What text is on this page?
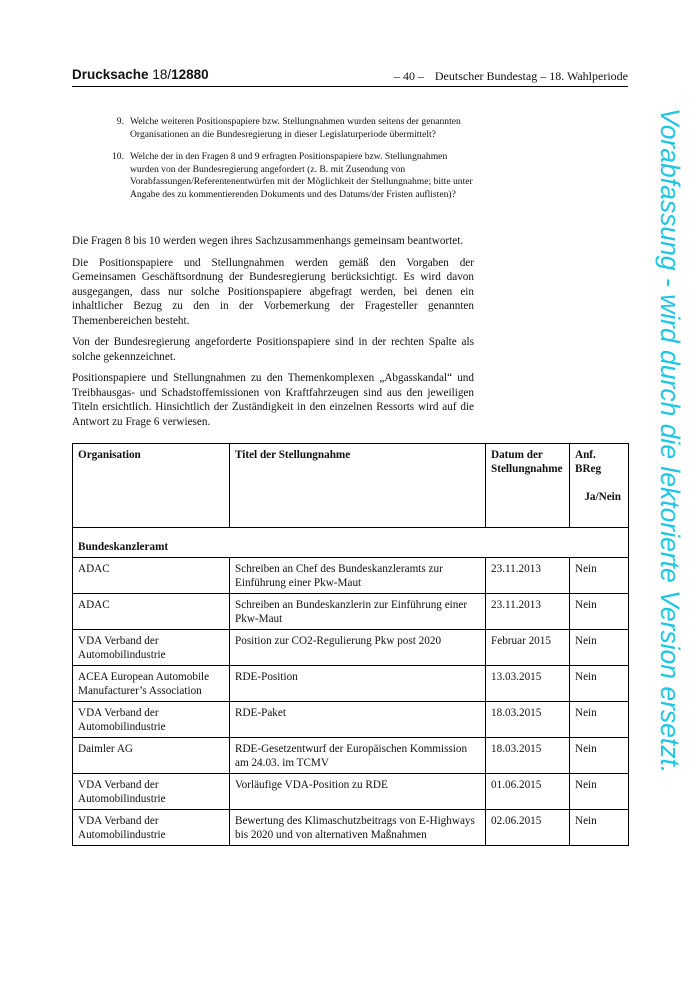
Drucksache 18/12880	– 40 – Deutscher Bundestag – 18. Wahlperiode
9. Welche weiteren Positionspapiere bzw. Stellungnahmen wurden seitens der genannten Organisationen an die Bundesregierung in dieser Legislaturperiode übermittelt?
10. Welche der in den Fragen 8 und 9 erfragten Positionspapiere bzw. Stellungnahmen wurden von der Bundesregierung angefordert (z. B. mit Zusendung von Vorabfassungen/Referentenentwürfen mit der Möglichkeit der Stellungnahme; bitte unter Angabe des zu kommentierenden Dokuments und des Datums/der Fristen auflisten)?

Die Fragen 8 bis 10 werden wegen ihres Sachzusammenhangs gemeinsam beantwortet.

Die Positionspapiere und Stellungnahmen werden gemäß den Vorgaben der Gemeinsamen Geschäftsordnung der Bundesregierung berücksichtigt. Es wird davon ausgegangen, dass nur solche Positionspapiere abgefragt werden, bei denen ein inhaltlicher Bezug zu den in der Vorbemerkung der Fragesteller genannten Themenbereichen besteht.

Von der Bundesregierung angeforderte Positionspapiere sind in der rechten Spalte als solche gekennzeichnet.

Positionspapiere und Stellungnahmen zu den Themenkomplexen „Abgasskandal“ und Treibhausgas- und Schadstoffemissionen von Kraftfahrzeugen sind aus den jeweiligen Titeln ersichtlich. Hinsichtlich der Zuständigkeit in den einzelnen Ressorts wird auf die Antwort zu Frage 6 verwiesen.

Organisation	Titel der Stellungnahme	Datum der Stellungnahme	Anf. BReg
Ja/Nein

Bundeskanzleramt			
ADAC	Schreiben an Chef des Bundeskanzleramts zur Einführung einer Pkw-Maut	23.11.2013	Nein
ADAC	Schreiben an Bundeskanzlerin zur Einführung einer Pkw-Maut	23.11.2013	Nein
VDA Verband der Automobilindustrie	Position zur CO2-Regulierung Pkw post 2020	Februar 2015	Nein
ACEA European Automobile Manufacturer’s Association	RDE-Position	13.03.2015	Nein
VDA Verband der Automobilindustrie	RDE-Paket	18.03.2015	Nein
Daimler AG	RDE-Gesetzentwurf der Europäischen Kommission am 24.03. im TCMV	18.03.2015	Nein
VDA Verband der Automobilindustrie	Vorläufige VDA-Position zu RDE	01.06.2015	Nein
VDA Verband der Automobilindustrie	Bewertung des Klimaschutzbeitrags von E-Highways bis 2020 und von alternativen Maßnahmen	02.06.2015	Nein
Vorabfassung - wird durch die lektorierte Version ersetzt.
